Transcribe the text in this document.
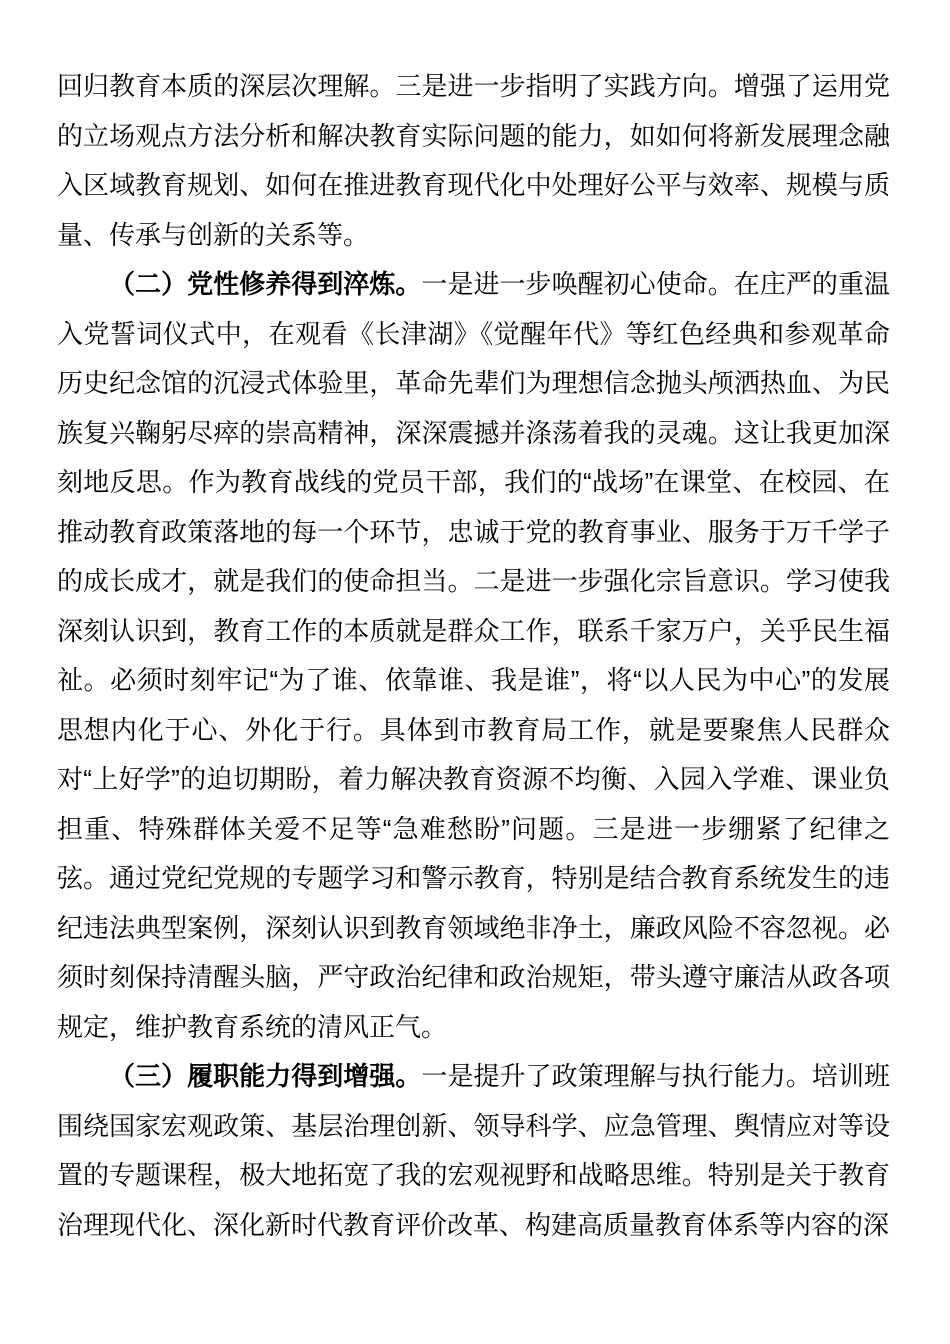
回归教育本质的深层次理解。三是进一步指明了实践方向。增强了运用党的立场观点方法分析和解决教育实际问题的能力，如如何将新发展理念融入区域教育规划、如何在推进教育现代化中处理好公平与效率、规模与质量、传承与创新的关系等。

（二）党性修养得到淬炼。一是进一步唤醒初心使命。在庄严的重温入党誓词仪式中，在观看《长津湖》《觉醒年代》等红色经典和参观革命历史纪念馆的沉浸式体验里，革命先辈们为理想信念抛头颅洒热血、为民族复兴鞠躬尽瘁的崇高精神，深深震撼并涤荡着我的灵魂。这让我更加深刻地反思。作为教育战线的党员干部，我们的“战场”在课堂、在校园、在推动教育政策落地的每一个环节，忠诚于党的教育事业、服务于万千学子的成长成才，就是我们的使命担当。二是进一步强化宗旨意识。学习使我深刻认识到，教育工作的本质就是群众工作，联系千家万户，关乎民生福祉。必须时刻牢记“为了谁、依靠谁、我是谁”，将“以人民为中心”的发展思想内化于心、外化于行。具体到市教育局工作，就是要聚焦人民群众对“上好学”的迫切期盼，着力解决教育资源不均衡、入园入学难、课业负担重、特殊群体关爱不足等“急难愁盼”问题。三是进一步绷紧了纪律之弦。通过党纪党规的专题学习和警示教育，特别是结合教育系统发生的违纪违法典型案例，深刻认识到教育领域绝非净土，廉政风险不容忽视。必须时刻保持清醒头脑，严守政治纪律和政治规矩，带头遵守廉洁从政各项规定，维护教育系统的清风正气。

（三）履职能力得到增强。一是提升了政策理解与执行能力。培训班围绕国家宏观政策、基层治理创新、领导科学、应急管理、舆情应对等设置的专题课程，极大地拓宽了我的宏观视野和战略思维。特别是关于教育治理现代化、深化新时代教育评价改革、构建高质量教育体系等内容的深
